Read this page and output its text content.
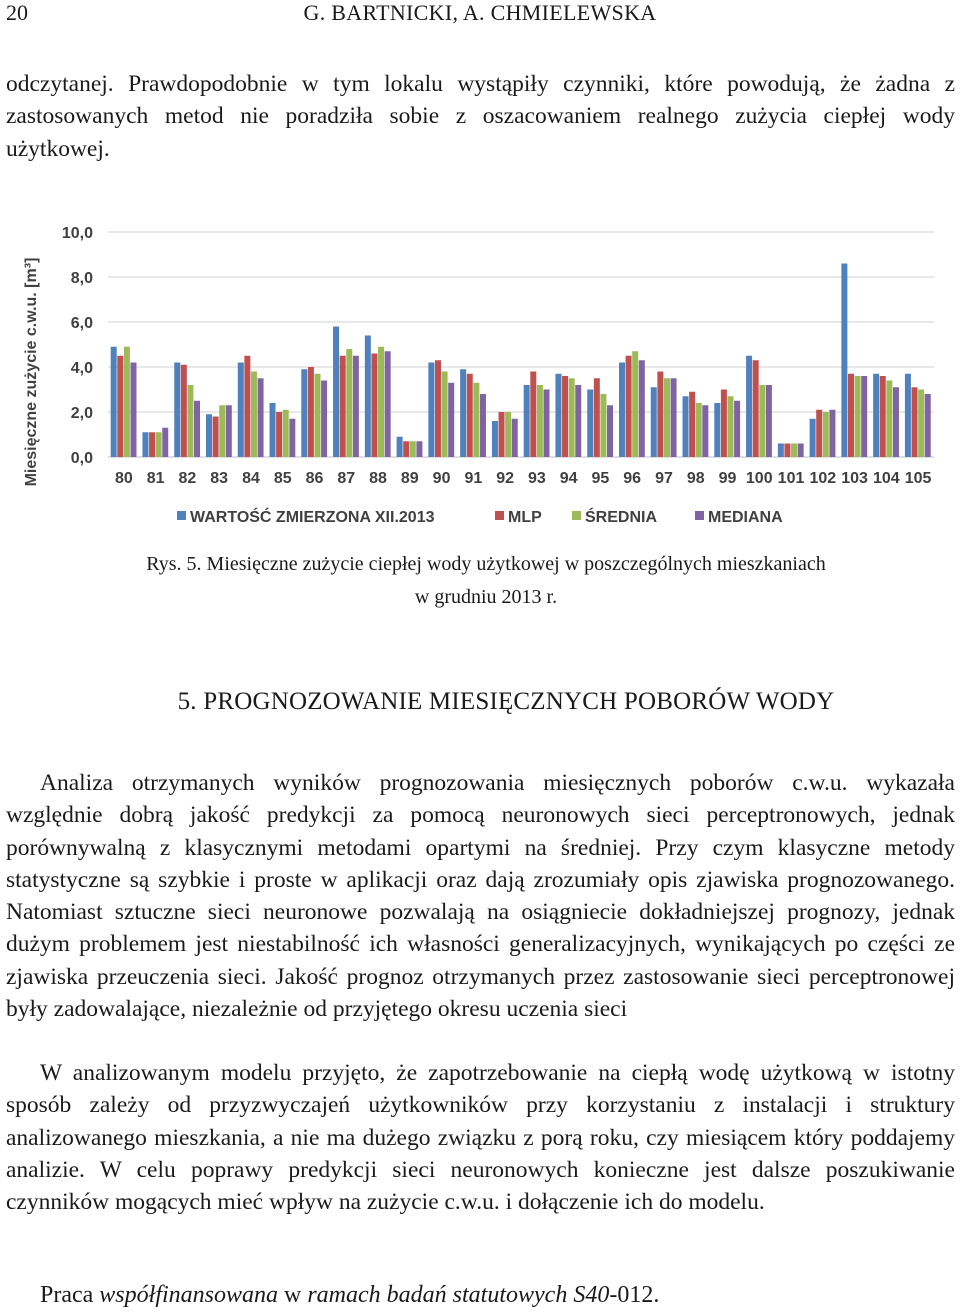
20	G. BARTNICKI, A. CHMIELEWSKA

odczytanej. Prawdopodobnie w tym lokalu wystąpiły czynniki, które powodują, że żadna z zastosowanych metod nie poradziła sobie z oszacowaniem realnego zużycia ciepłej wody użytkowej.

0,0
2,0
4,0
6,0
8,0
10,0
80 81 82 83 84 85 86 87 88 89 90 91 92 93 94 95 96 97 98 99 100 101 102 103 104 105
Miesięczne zużycie c.w.u. [m³]
WARTOŚĆ ZMIERZONA XII.2013	MLP	ŚREDNIA	MEDIANA
Rys. 5. Miesięczne zużycie ciepłej wody użytkowej w poszczególnych mieszkaniach
w grudniu 2013 r.
5. PROGNOZOWANIE MIESIĘCZNYCH POBORÓW WODY

Analiza otrzymanych wyników prognozowania miesięcznych poborów c.w.u. wykazała względnie dobrą jakość predykcji za pomocą neuronowych sieci perceptronowych, jednak porównywalną z klasycznymi metodami opartymi na średniej. Przy czym klasyczne metody statystyczne są szybkie i proste w aplikacji oraz dają zrozumiały opis zjawiska prognozowanego. Natomiast sztuczne sieci neuronowe pozwalają na osiągniecie dokładniejszej prognozy, jednak dużym problemem jest niestabilność ich własności generalizacyjnych, wynikających po części ze zjawiska przeuczenia sieci. Jakość prognoz otrzymanych przez zastosowanie sieci perceptronowej były zadowalające, niezależnie od przyjętego okresu uczenia sieci

W analizowanym modelu przyjęto, że zapotrzebowanie na ciepłą wodę użytkową w istotny sposób zależy od przyzwyczajeń użytkowników przy korzystaniu z instalacji i struktury analizowanego mieszkania, a nie ma dużego związku z porą roku, czy miesiącem który poddajemy analizie. W celu poprawy predykcji sieci neuronowych konieczne jest dalsze poszukiwanie czynników mogących mieć wpływ na zużycie c.w.u. i dołączenie ich do modelu.

Praca współfinansowana w ramach badań statutowych S40-012.
